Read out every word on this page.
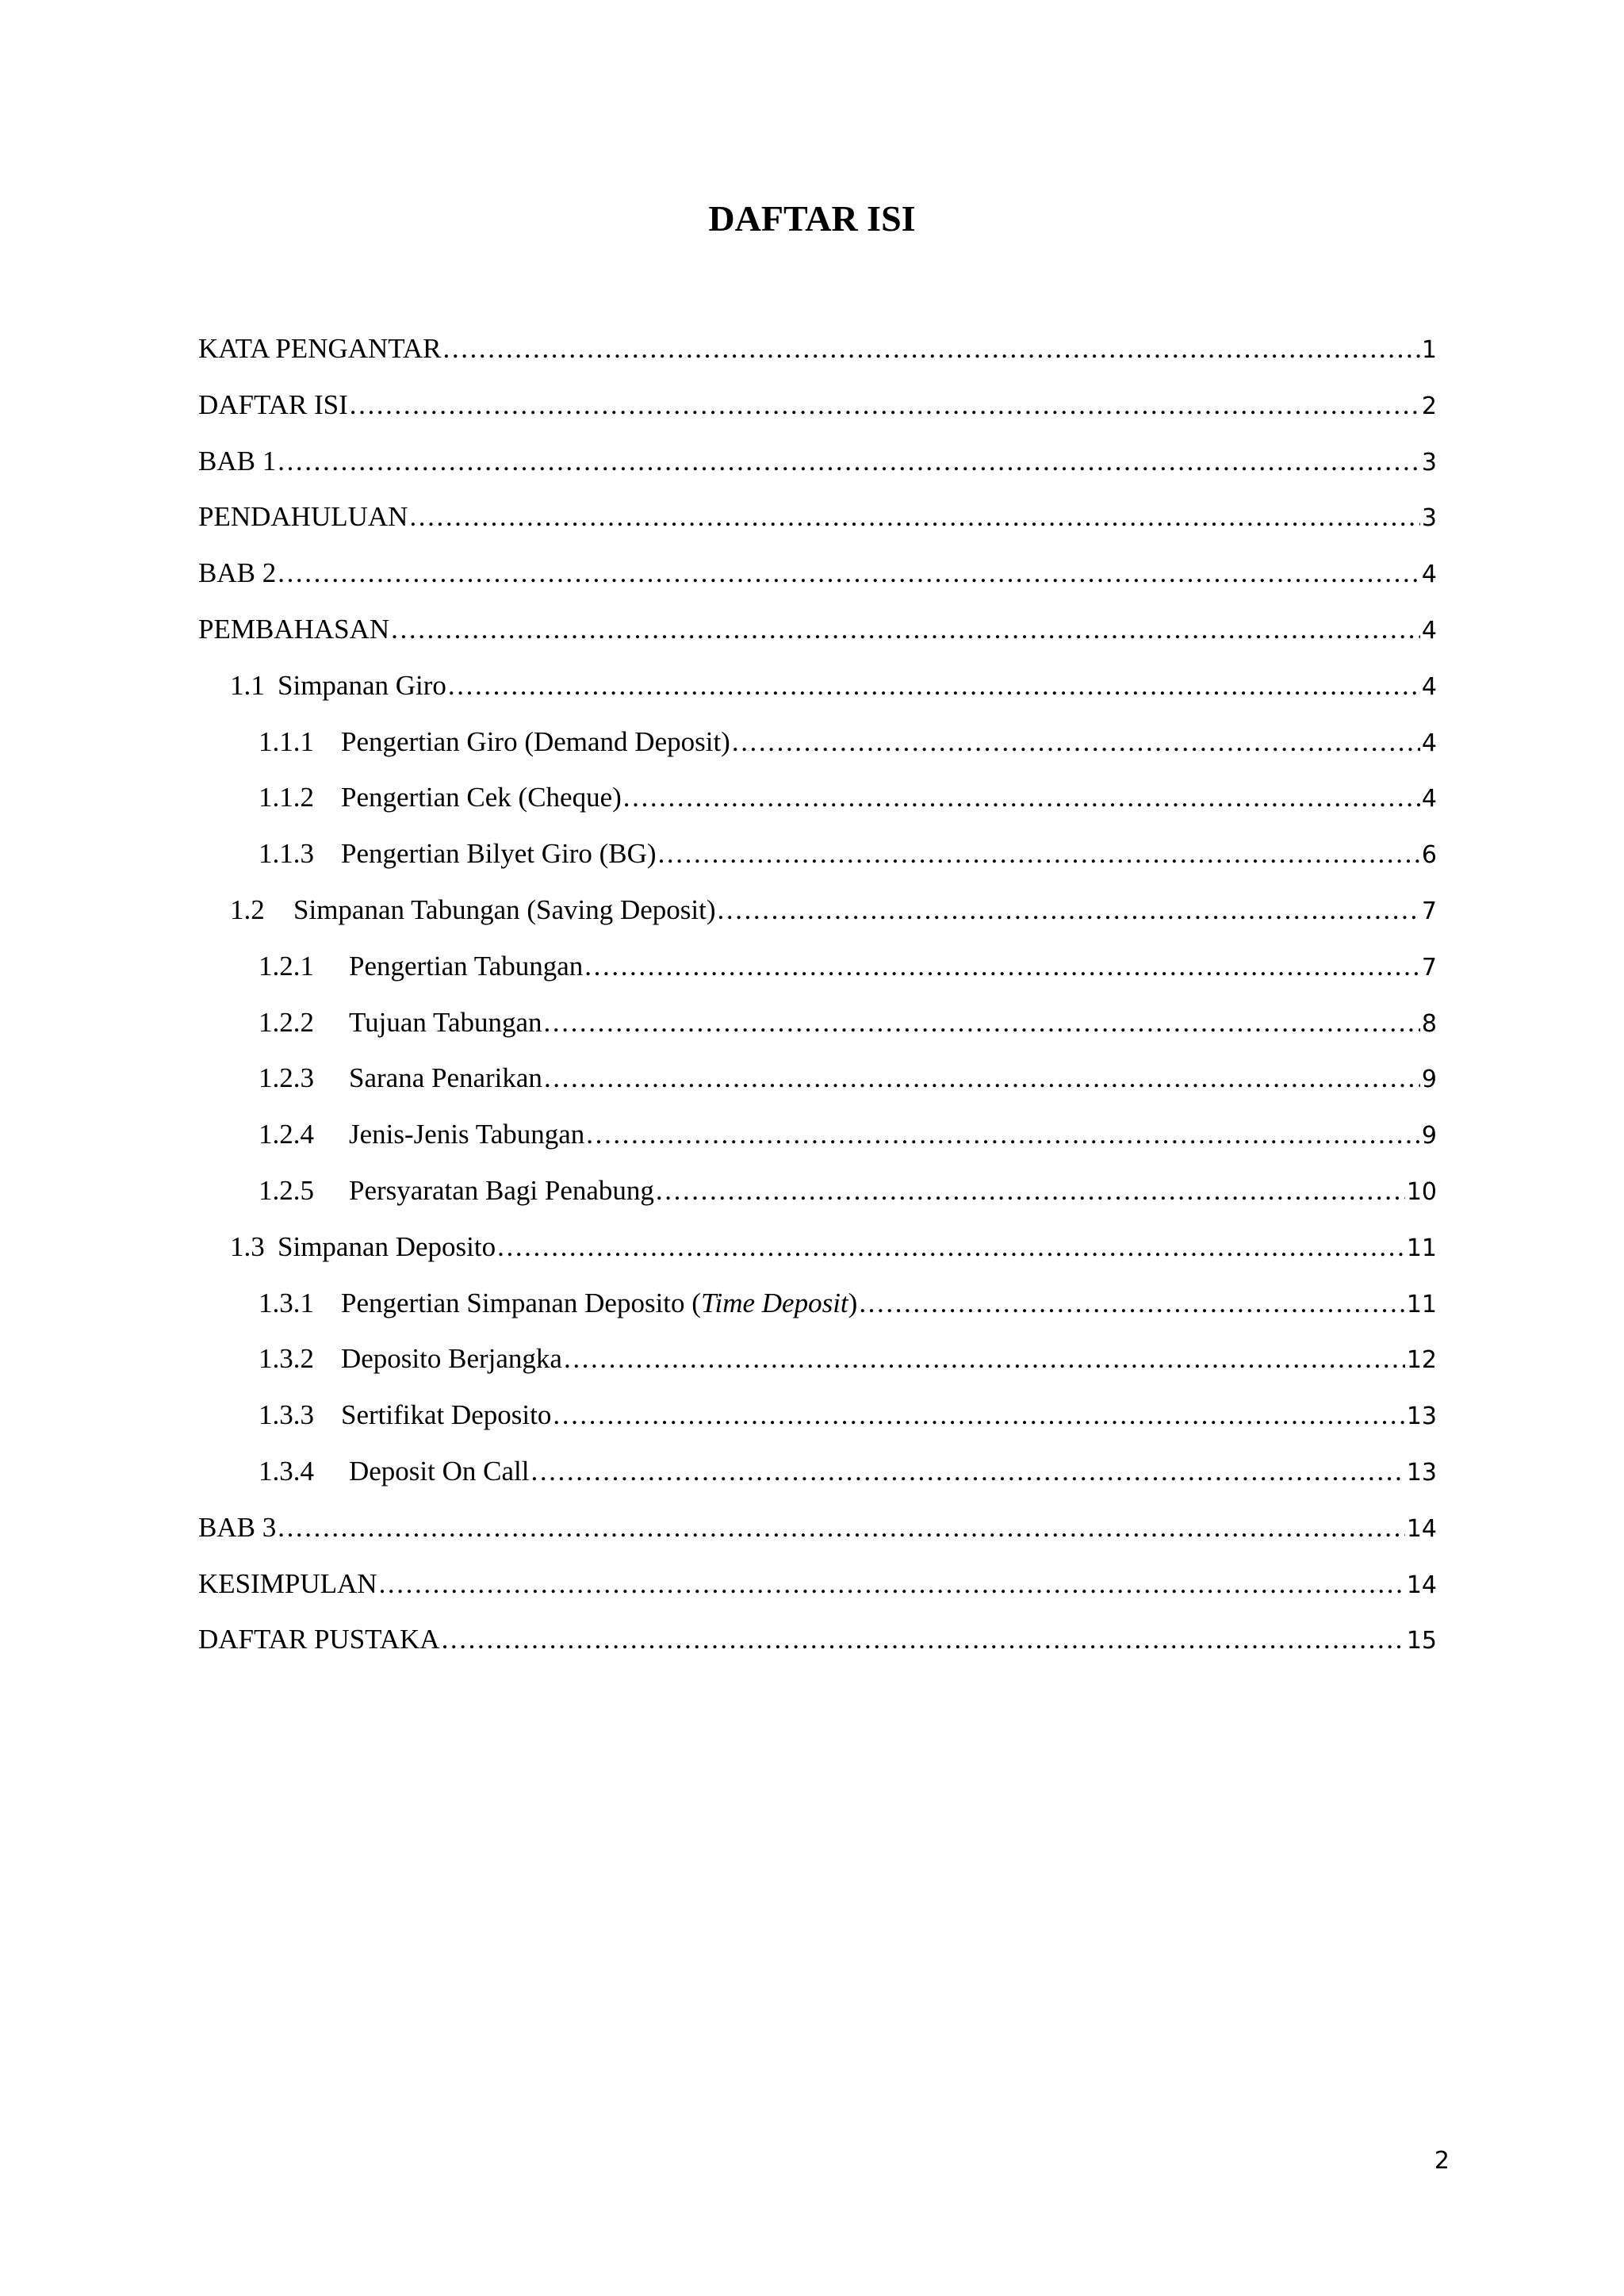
DAFTAR ISI
KATA PENGANTAR .....	1
DAFTAR ISI .....	2
BAB 1 .....	3
PENDAHULUAN .....	3
BAB 2 .....	4
PEMBAHASAN .....	4
1.1 Simpanan Giro .....	4
1.1.1 Pengertian Giro (Demand Deposit) .....	4
1.1.2 Pengertian Cek (Cheque) .....	4
1.1.3 Pengertian Bilyet Giro (BG) .....	6
1.2	Simpanan Tabungan (Saving Deposit) .....	7
1.2.1	Pengertian Tabungan .....	7
1.2.2	Tujuan Tabungan .....	8
1.2.3	Sarana Penarikan .....	9
1.2.4	Jenis-Jenis Tabungan .....	9
1.2.5	Persyaratan Bagi Penabung .....	10
1.3 Simpanan Deposito .....	11
1.3.1 Pengertian Simpanan Deposito (Time Deposit) .....	11
1.3.2 Deposito Berjangka .....	12
1.3.3 Sertifikat Deposito .....	13
1.3.4	Deposit On Call .....	13
BAB 3 .....	14
KESIMPULAN .....	14
DAFTAR PUSTAKA .....	15
2
